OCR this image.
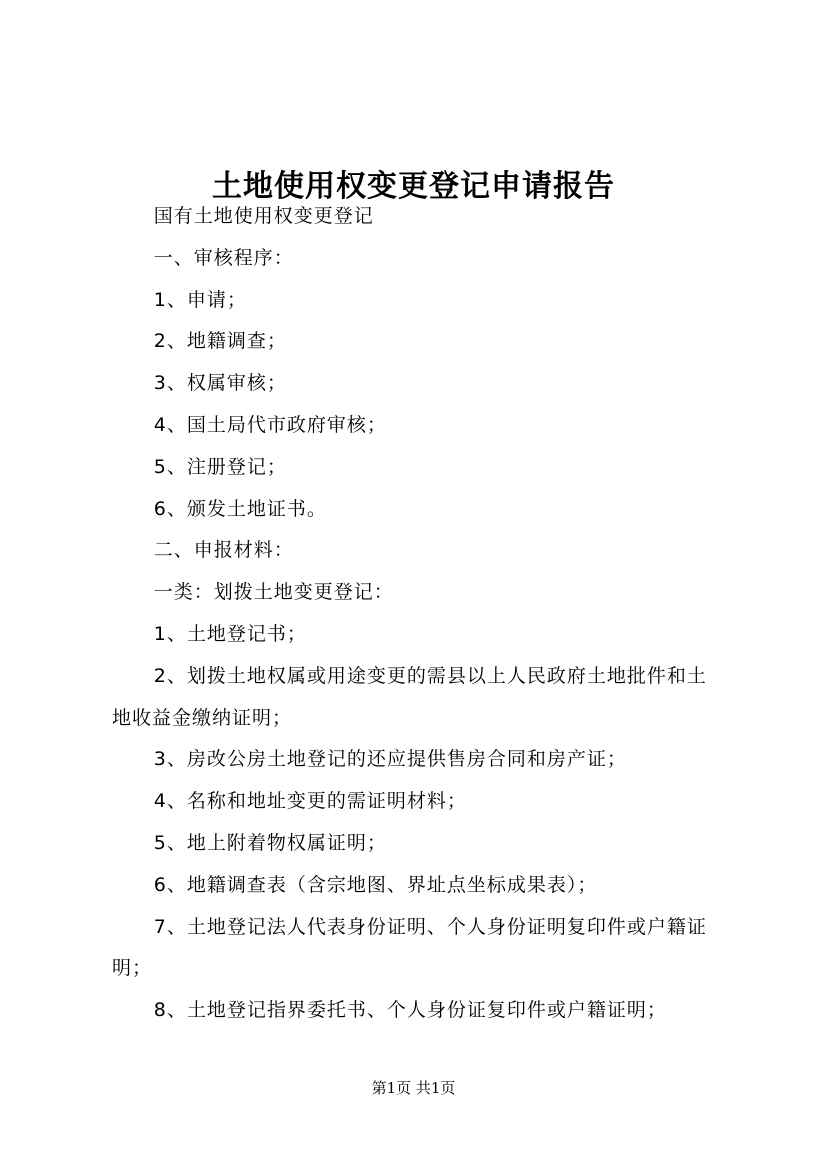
土地使用权变更登记申请报告

国有土地使用权变更登记

一、审核程序：

1、申请；

2、地籍调查；

3、权属审核；

4、国土局代市政府审核；

5、注册登记；

6、颁发土地证书。

二、申报材料：

一类：划拨土地变更登记：

1、土地登记书；

2、划拨土地权属或用途变更的需县以上人民政府土地批件和土地收益金缴纳证明；

3、房改公房土地登记的还应提供售房合同和房产证；

4、名称和地址变更的需证明材料；

5、地上附着物权属证明；

6、地籍调查表（含宗地图、界址点坐标成果表）；

7、土地登记法人代表身份证明、个人身份证明复印件或户籍证明；

8、土地登记指界委托书、个人身份证复印件或户籍证明；

第1页 共1页
